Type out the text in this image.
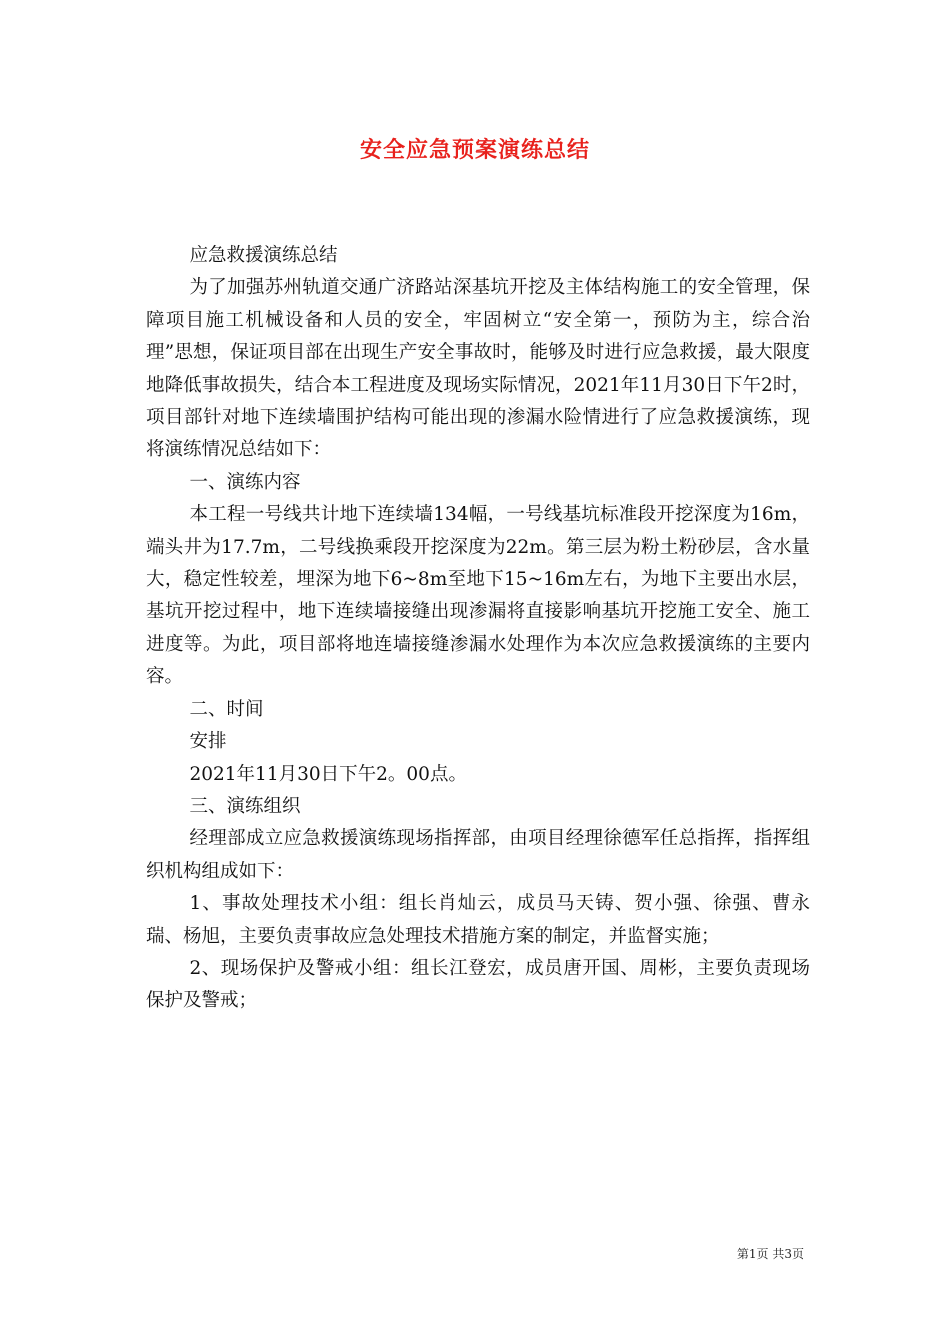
安全应急预案演练总结

应急救援演练总结

为了加强苏州轨道交通广济路站深基坑开挖及主体结构施工的安全管理，保障项目施工机械设备和人员的安全，牢固树立“安全第一，预防为主，综合治理”思想，保证项目部在出现生产安全事故时，能够及时进行应急救援，最大限度地降低事故损失，结合本工程进度及现场实际情况，2021年11月30日下午2时，项目部针对地下连续墙围护结构可能出现的渗漏水险情进行了应急救援演练，现将演练情况总结如下：

一、演练内容

本工程一号线共计地下连续墙134幅，一号线基坑标准段开挖深度为16m，端头井为17.7m，二号线换乘段开挖深度为22m。第三层为粉土粉砂层，含水量大，稳定性较差，埋深为地下6~8m至地下15~16m左右，为地下主要出水层，基坑开挖过程中，地下连续墙接缝出现渗漏将直接影响基坑开挖施工安全、施工进度等。为此，项目部将地连墙接缝渗漏水处理作为本次应急救援演练的主要内容。

二、时间

安排

2021年11月30日下午2。00点。

三、演练组织

经理部成立应急救援演练现场指挥部，由项目经理徐德军任总指挥，指挥组织机构组成如下：

1、事故处理技术小组：组长肖灿云，成员马天铸、贺小强、徐强、曹永瑞、杨旭，主要负责事故应急处理技术措施方案的制定，并监督实施；

2、现场保护及警戒小组：组长江登宏，成员唐开国、周彬，主要负责现场保护及警戒；

第1页 共3页
